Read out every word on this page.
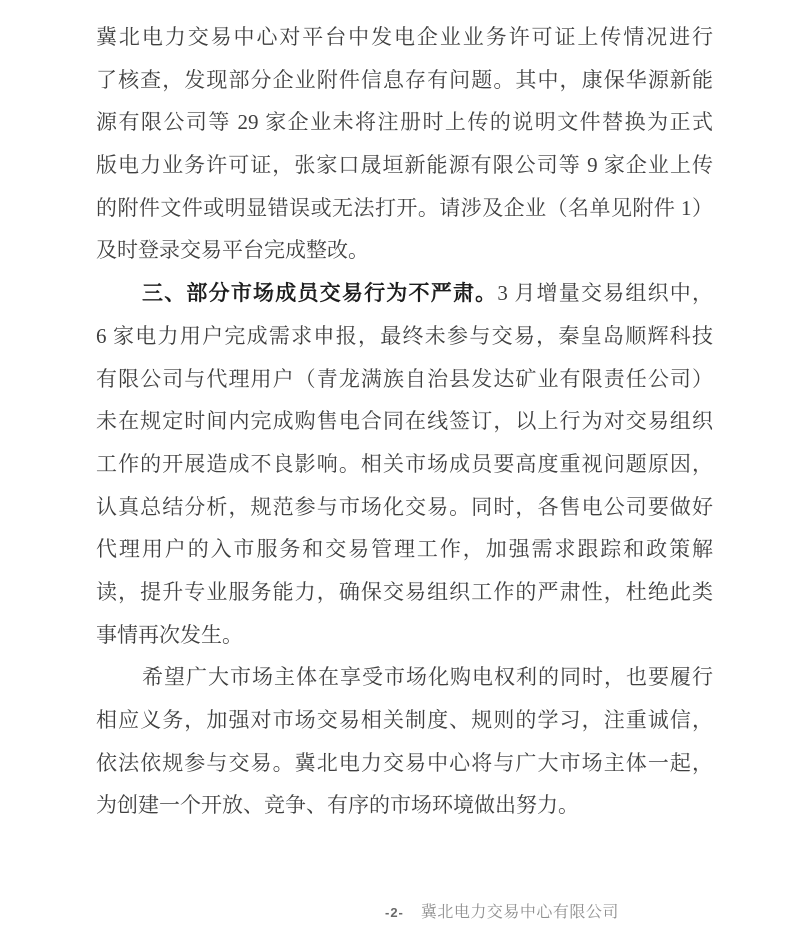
冀北电力交易中心对平台中发电企业业务许可证上传情况进行
了核查，发现部分企业附件信息存有问题。其中，康保华源新能
源有限公司等 29 家企业未将注册时上传的说明文件替换为正式
版电力业务许可证，张家口晟垣新能源有限公司等 9 家企业上传
的附件文件或明显错误或无法打开。请涉及企业（名单见附件 1）
及时登录交易平台完成整改。
三、部分市场成员交易行为不严肃。3 月增量交易组织中，
6 家电力用户完成需求申报，最终未参与交易，秦皇岛顺辉科技
有限公司与代理用户（青龙满族自治县发达矿业有限责任公司）
未在规定时间内完成购售电合同在线签订，以上行为对交易组织
工作的开展造成不良影响。相关市场成员要高度重视问题原因，
认真总结分析，规范参与市场化交易。同时，各售电公司要做好
代理用户的入市服务和交易管理工作，加强需求跟踪和政策解
读，提升专业服务能力，确保交易组织工作的严肃性，杜绝此类
事情再次发生。
希望广大市场主体在享受市场化购电权利的同时，也要履行
相应义务，加强对市场交易相关制度、规则的学习，注重诚信，
依法依规参与交易。冀北电力交易中心将与广大市场主体一起，
为创建一个开放、竞争、有序的市场环境做出努力。
-2- 冀北电力交易中心有限公司
